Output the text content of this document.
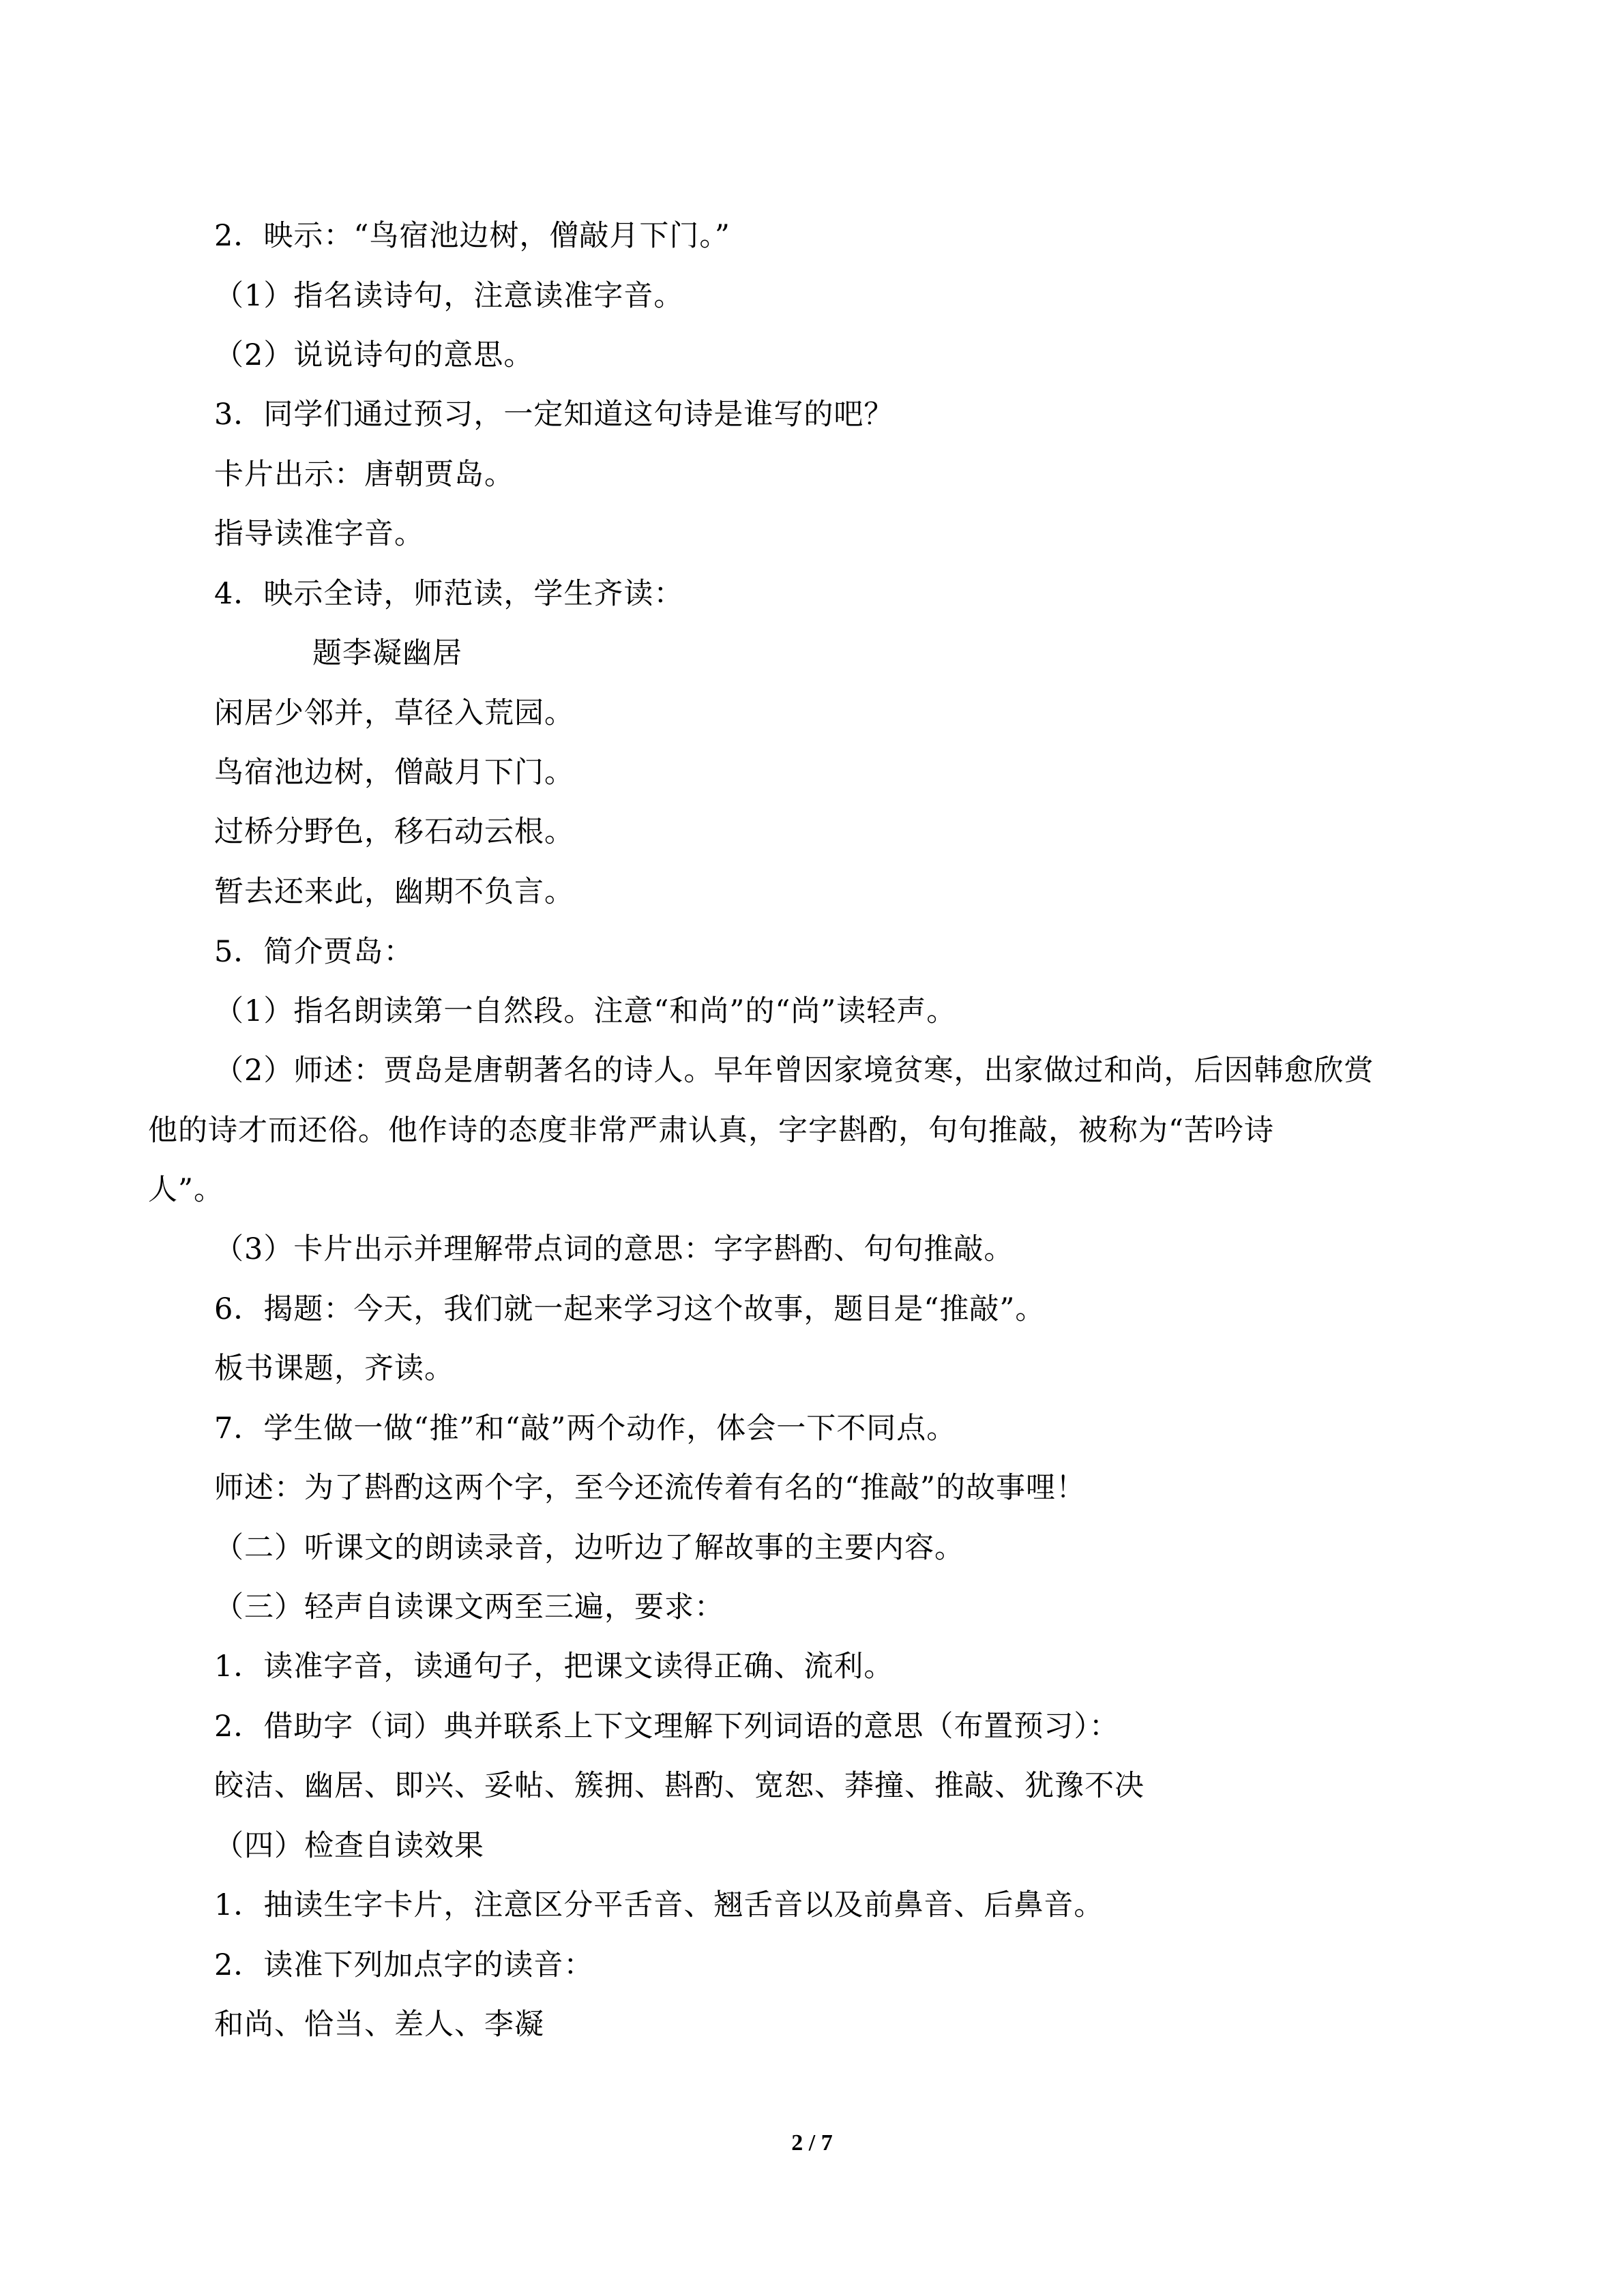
2．映示：“鸟宿池边树，僧敲月下门。”
（1）指名读诗句，注意读准字音。
（2）说说诗句的意思。
3．同学们通过预习，一定知道这句诗是谁写的吧？
卡片出示：唐朝贾岛。
指导读准字音。
4．映示全诗，师范读，学生齐读：
题李凝幽居
闲居少邻并，草径入荒园。
鸟宿池边树，僧敲月下门。
过桥分野色，移石动云根。
暂去还来此，幽期不负言。
5．简介贾岛：
（1）指名朗读第一自然段。注意“和尚”的“尚”读轻声。
（2）师述：贾岛是唐朝著名的诗人。早年曾因家境贫寒，出家做过和尚，后因韩愈欣赏
他的诗才而还俗。他作诗的态度非常严肃认真，字字斟酌，句句推敲，被称为“苦吟诗
人”。
（3）卡片出示并理解带点词的意思：字字斟酌、句句推敲。
6．揭题：今天，我们就一起来学习这个故事，题目是“推敲”。
板书课题，齐读。
7．学生做一做“推”和“敲”两个动作，体会一下不同点。
师述：为了斟酌这两个字，至今还流传着有名的“推敲”的故事哩！
（二）听课文的朗读录音，边听边了解故事的主要内容。
（三）轻声自读课文两至三遍，要求：
1．读准字音，读通句子，把课文读得正确、流利。
2．借助字（词）典并联系上下文理解下列词语的意思（布置预习）：
皎洁、幽居、即兴、妥帖、簇拥、斟酌、宽恕、莽撞、推敲、犹豫不决
（四）检查自读效果
1．抽读生字卡片，注意区分平舌音、翘舌音以及前鼻音、后鼻音。
2．读准下列加点字的读音：
和尚、恰当、差人、李凝
2 / 7
